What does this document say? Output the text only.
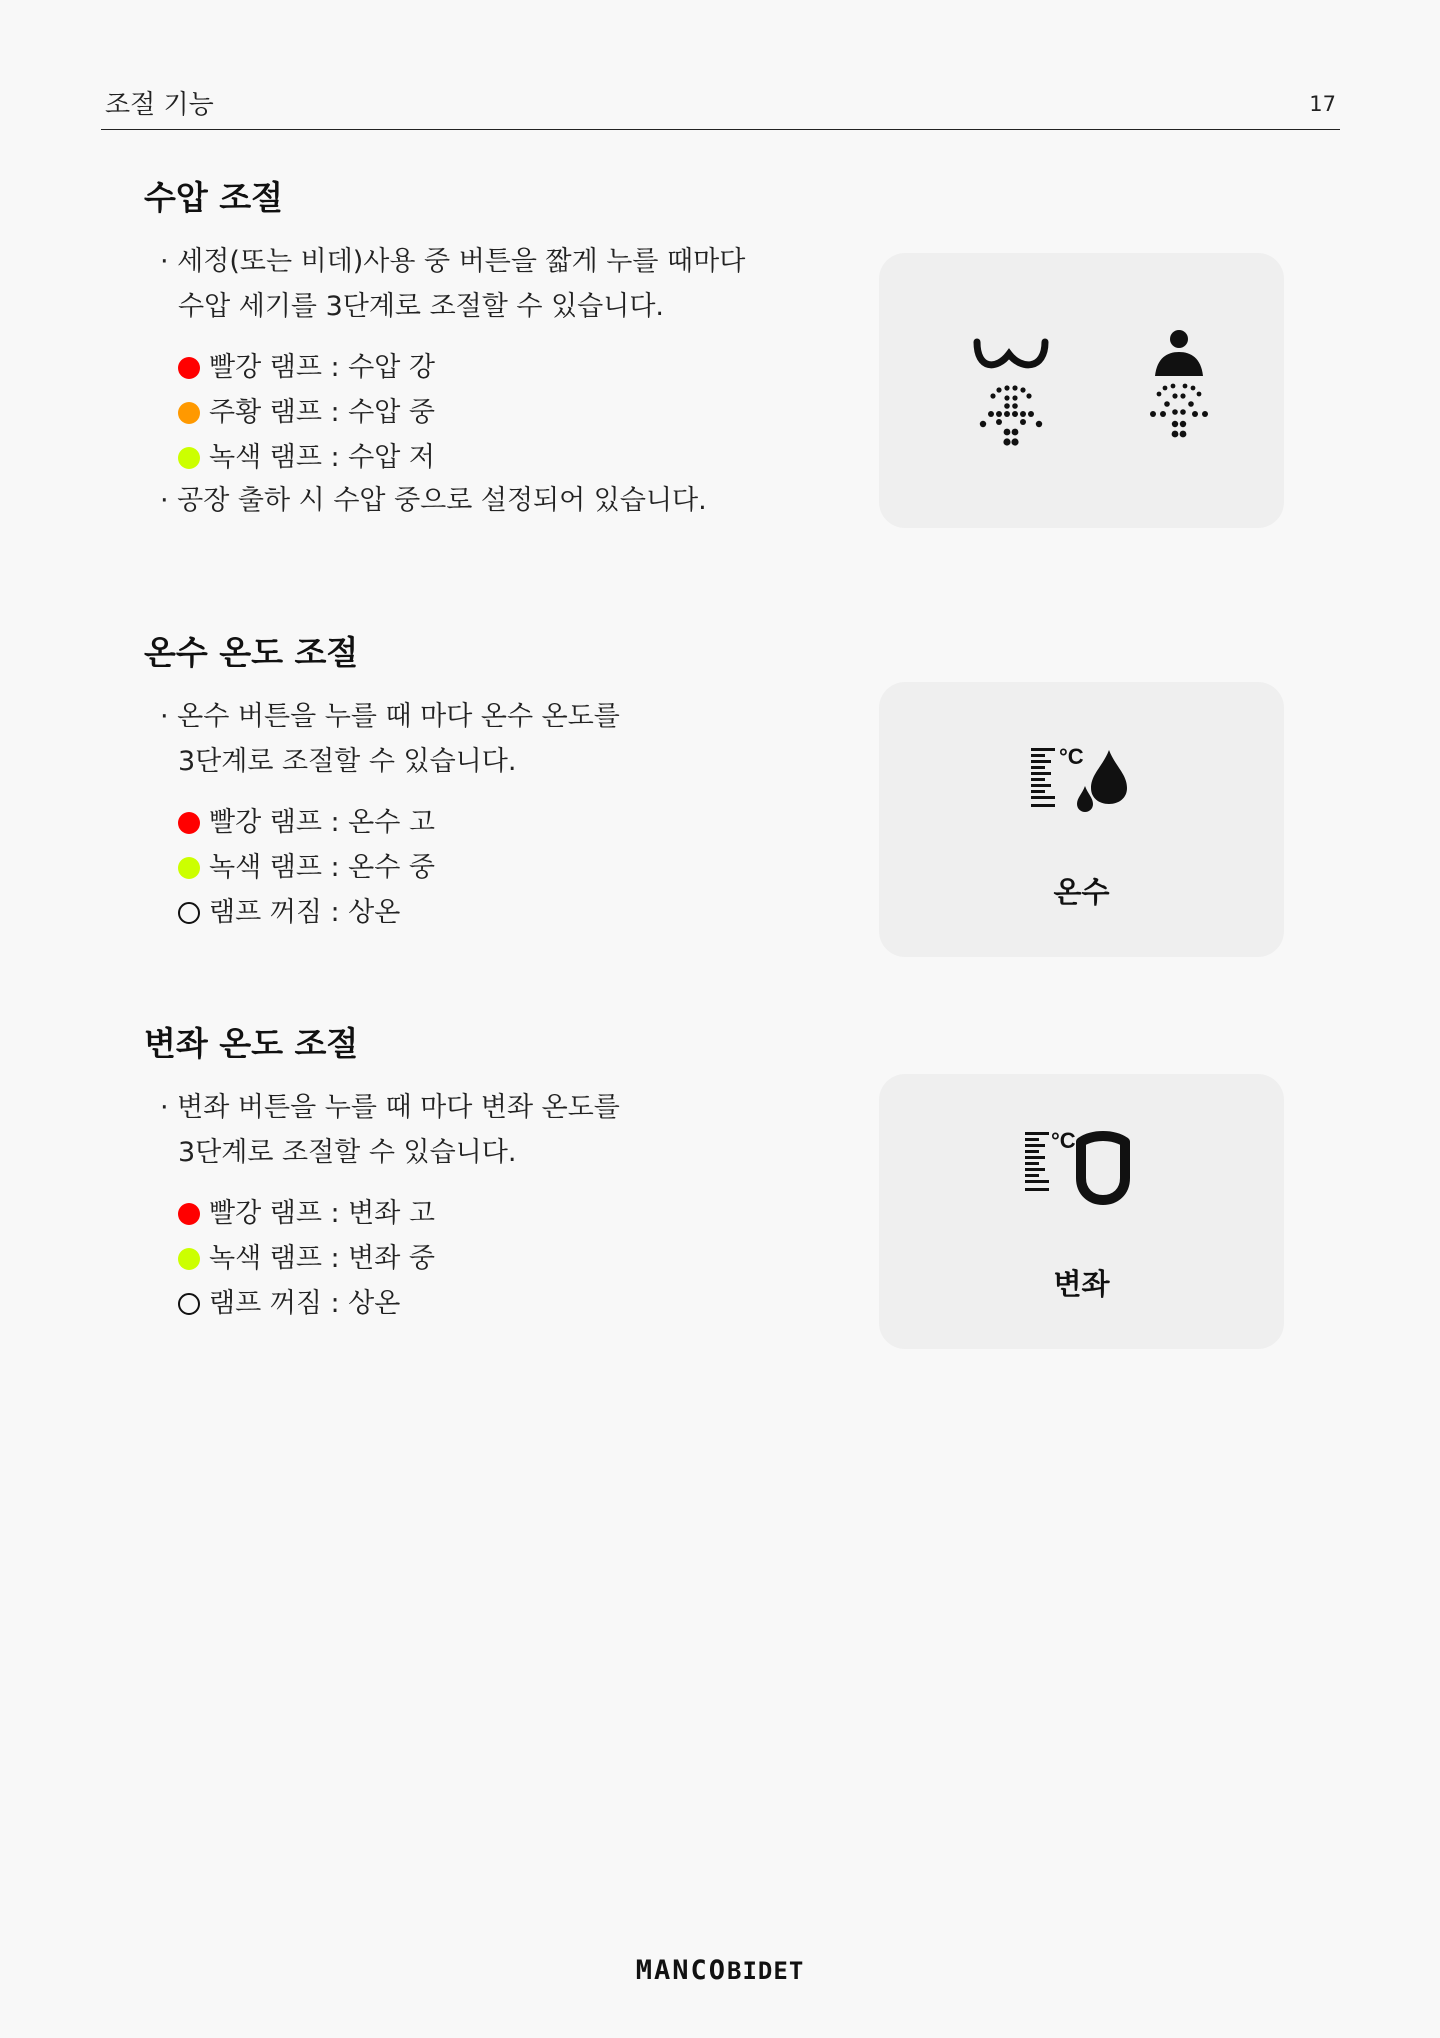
조절 기능	17
수압 조절
· 세정(또는 비데)사용 중 버튼을 짧게 누를 때마다
수압 세기를 3단계로 조절할 수 있습니다.
빨강 램프 : 수압 강
주황 램프 : 수압 중
녹색 램프 : 수압 저
· 공장 출하 시 수압 중으로 설정되어 있습니다.
온수 온도 조절
· 온수 버튼을 누를 때 마다 온수 온도를
3단계로 조절할 수 있습니다.
빨강 램프 : 온수 고
녹색 램프 : 온수 중
램프 꺼짐 : 상온
°C
온수
변좌 온도 조절
· 변좌 버튼을 누를 때 마다 변좌 온도를
3단계로 조절할 수 있습니다.
빨강 램프 : 변좌 고
녹색 램프 : 변좌 중
램프 꺼짐 : 상온
°C
변좌
MANCOBIDET
